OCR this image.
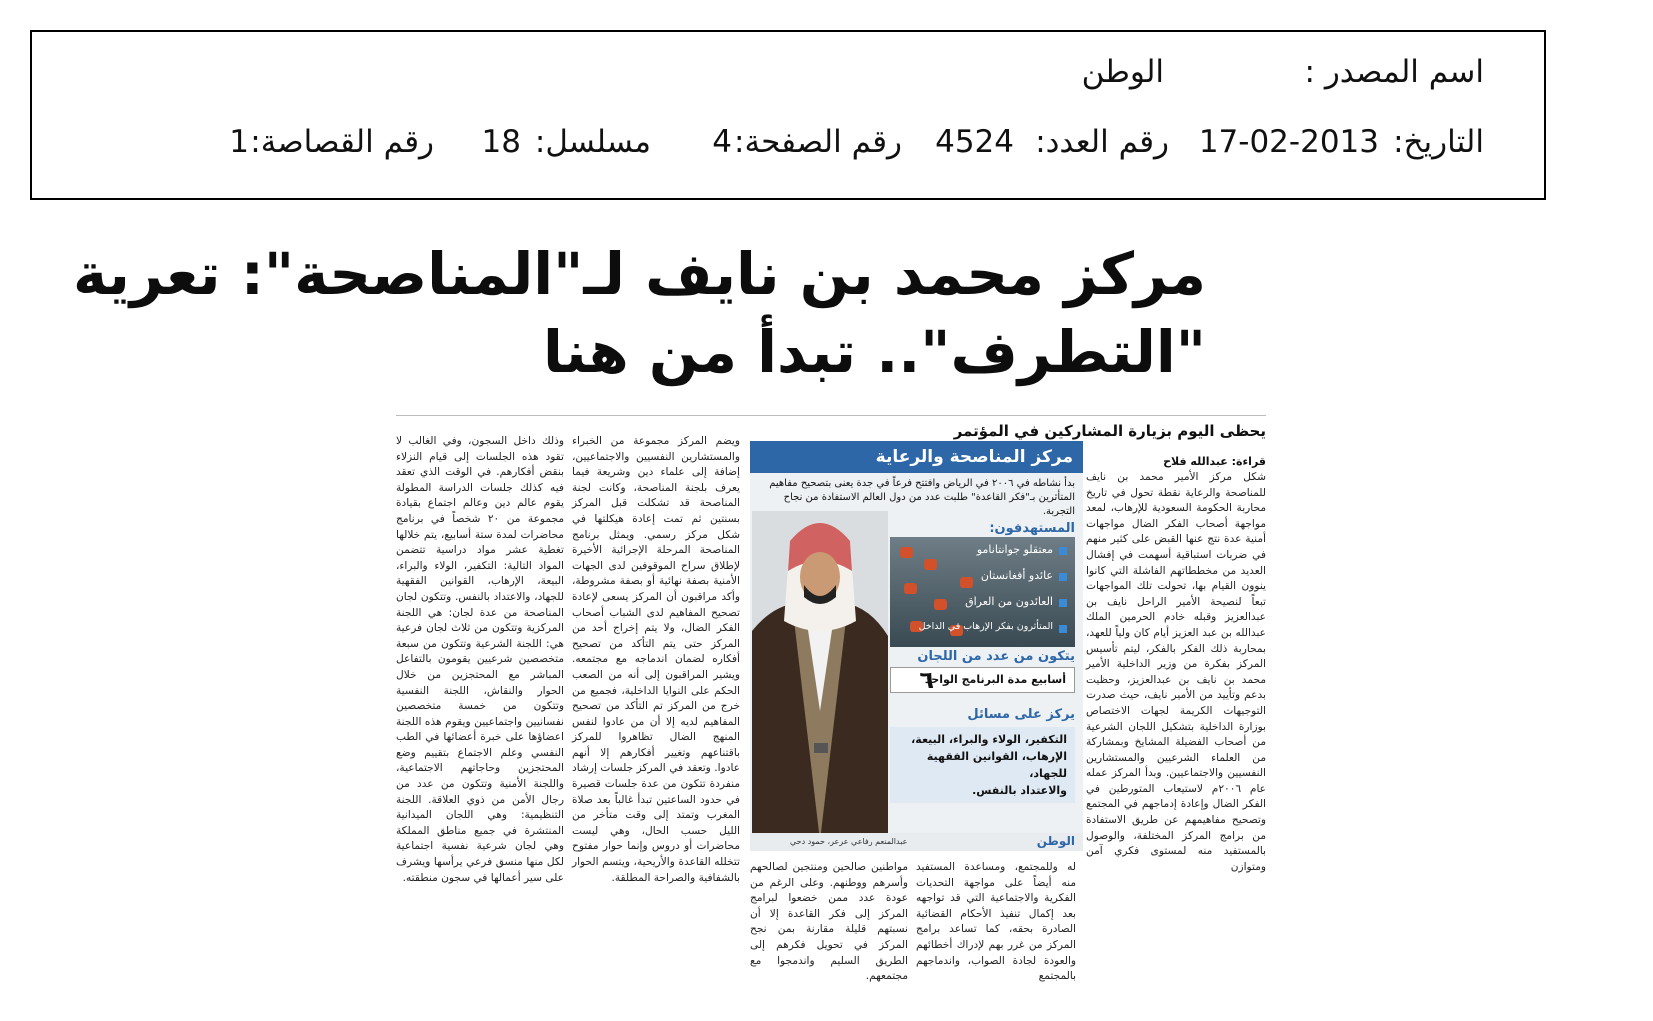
اسم المصدر :
الوطن
التاريخ:
17-02-2013
رقم العدد:
4524
رقم الصفحة:
4
مسلسل:
18
رقم القصاصة:
1
مركز محمد بن نايف لـ"المناصحة": تعرية
"التطرف".. تبدأ من هنا
يحظى اليوم بزيارة المشاركين في المؤتمر
قراءة: عبدالله فلاح
شكل مركز الأمير محمد بن نايف للمناصحة والرعاية نقطة تحول في تاريخ محاربة الحكومة السعودية للإرهاب، لمعد مواجهة أصحاب الفكر الضال مواجهات أمنية عدة نتج عنها القبض على كثير منهم في ضربات استباقية أسهمت في إفشال العديد من مخططاتهم الفاشلة التي كانوا ينوون القيام بها، تحولت تلك المواجهات تبعاً لنصيحة الأمير الراحل نايف بن عبدالعزيز وقبله خادم الحرمين الملك عبدالله بن عبد العزيز أيام كان ولياً للعهد، بمحاربة ذلك الفكر بالفكر، ليتم تأسيس المركز بفكرة من وزير الداخلية الأمير محمد بن نايف بن عبدالعزيز، وحظيت بدعم وتأييد من الأمير نايف، حيث صدرت التوجيهات الكريمة لجهات الاختصاص بوزارة الداخلية بتشكيل اللجان الشرعية من أصحاب الفضيلة المشايخ وبمشاركة من العلماء الشرعيين والمستشارين النفسيين والاجتماعيين. وبدأ المركز عمله عام ٢٠٠٦م لاستيعاب المتورطين في الفكر الضال وإعادة إدماجهم في المجتمع وتصحيح مفاهيمهم عن طريق الاستفادة من برامج المركز المختلفة، والوصول بالمستفيد منه لمستوى فكري آمن ومتوازن
له وللمجتمع، ومساعدة المستفيد منه أيضاً على مواجهة التحديات الفكرية والاجتماعية التي قد تواجهه بعد إكمال تنفيذ الأحكام القضائية الصادرة بحقه، كما تساعد برامج المركز من غرر بهم لإدراك أخطائهم والعودة لجادة الصواب، واندماجهم بالمجتمع
مواطنين صالحين ومنتجين لصالحهم وأسرهم ووطنهم. وعلى الرغم من عودة عدد ممن خضعوا لبرامج المركز إلى فكر القاعدة إلا أن نسبتهم قليلة مقارنة بمن نجح المركز في تحويل فكرهم إلى الطريق السليم واندمجوا مع مجتمعهم.
ويضم المركز مجموعة من الخبراء والمستشارين النفسيين والاجتماعيين، إضافة إلى علماء دين وشريعة فيما يعرف بلجنة المناصحة، وكانت لجنة المناصحة قد تشكلت قبل المركز بسنتين ثم تمت إعادة هيكلتها في شكل مركز رسمي. ويمثل برنامج المناصحة المرحلة الإجرائية الأخيرة لإطلاق سراح الموقوفين لدى الجهات الأمنية بصفة نهائية أو بصفة مشروطة، وأكد مراقبون أن المركز يسعى لإعادة تصحيح المفاهيم لدى الشباب أصحاب الفكر الضال، ولا يتم إخراج أحد من المركز حتى يتم التأكد من تصحيح أفكاره لضمان اندماجه مع مجتمعه. ويشير المراقبون إلى أنه من الصعب الحكم على النوايا الداخلية، فجميع من خرج من المركز تم التأكد من تصحيح المفاهيم لديه إلا أن من عادوا لنفس المنهج الضال تظاهروا للمركز باقتناعهم وتغيير أفكارهم إلا أنهم عادوا. وتعقد في المركز جلسات إرشاد منفردة تتكون من عدة جلسات قصيرة في حدود الساعتين تبدأ غالباً بعد صلاة المغرب وتمتد إلى وقت متأخر من الليل حسب الحال، وهي ليست محاضرات أو دروس وإنما حوار مفتوح تتخلله القاعدة والأريحية، ويتسم الحوار بالشفافية والصراحة المطلقة.
وذلك داخل السجون، وفي الغالب لا تقود هذه الجلسات إلى قيام النزلاء بنقض أفكارهم. في الوقت الذي تعقد فيه كذلك جلسات الدراسة المطولة يقوم عالم دين وعالم اجتماع بقيادة مجموعة من ٢٠ شخصاً في برنامج محاضرات لمدة ستة أسابيع، يتم خلالها تغطية عشر مواد دراسية تتضمن المواد التالية: التكفير، الولاء والبراء، البيعة، الإرهاب، القوانين الفقهية للجهاد، والاعتداد بالنفس. وتتكون لجان المناصحة من عدة لجان: هي اللجنة المركزية وتتكون من ثلاث لجان فرعية هي: اللجنة الشرعية وتتكون من سبعة متخصصين شرعيين يقومون بالتفاعل المباشر مع المحتجزين من خلال الحوار والنقاش، اللجنة النفسية وتتكون من خمسة متخصصين نفسانيين واجتماعيين ويقوم هذه اللجنة اعضاؤها على خبرة أعضائها في الطب النفسي وعلم الاجتماع بتقييم وضع المحتجزين وحاجاتهم الاجتماعية، واللجنة الأمنية وتتكون من عدد من رجال الأمن من ذوي العلاقة. اللجنة التنظيمية: وهي اللجان الميدانية المنتشرة في جميع مناطق المملكة وهي لجان شرعية نفسية اجتماعية لكل منها منسق فرعي يرأسها ويشرف على سير أعمالها في سجون منطقته.
مركز المناصحة والرعاية
بدأ نشاطه في ٢٠٠٦ في الرياض وافتتح فرعاً في جدة يعنى بتصحيح مفاهيم المتأثرين بـ"فكر القاعدة" طلبت عدد من دول العالم الاستفادة من نجاح التجربة.
المستهدفون:
معتقلو جوانتانامو
عائدو أفغانستان
العائدون من العراق
المتأثرون بفكر الإرهاب في الداخل
يتكون من عدد من اللجان
٦
أسابيع مدة البرنامج الواحد
يركز على مسائل
التكفير، الولاء والبراء، البيعة،
الإرهاب، القوانين الفقهية للجهاد،
والاعتداد بالنفس.
الوطن
عبدالمنعم رفاعي عرعر، حمود دحي
